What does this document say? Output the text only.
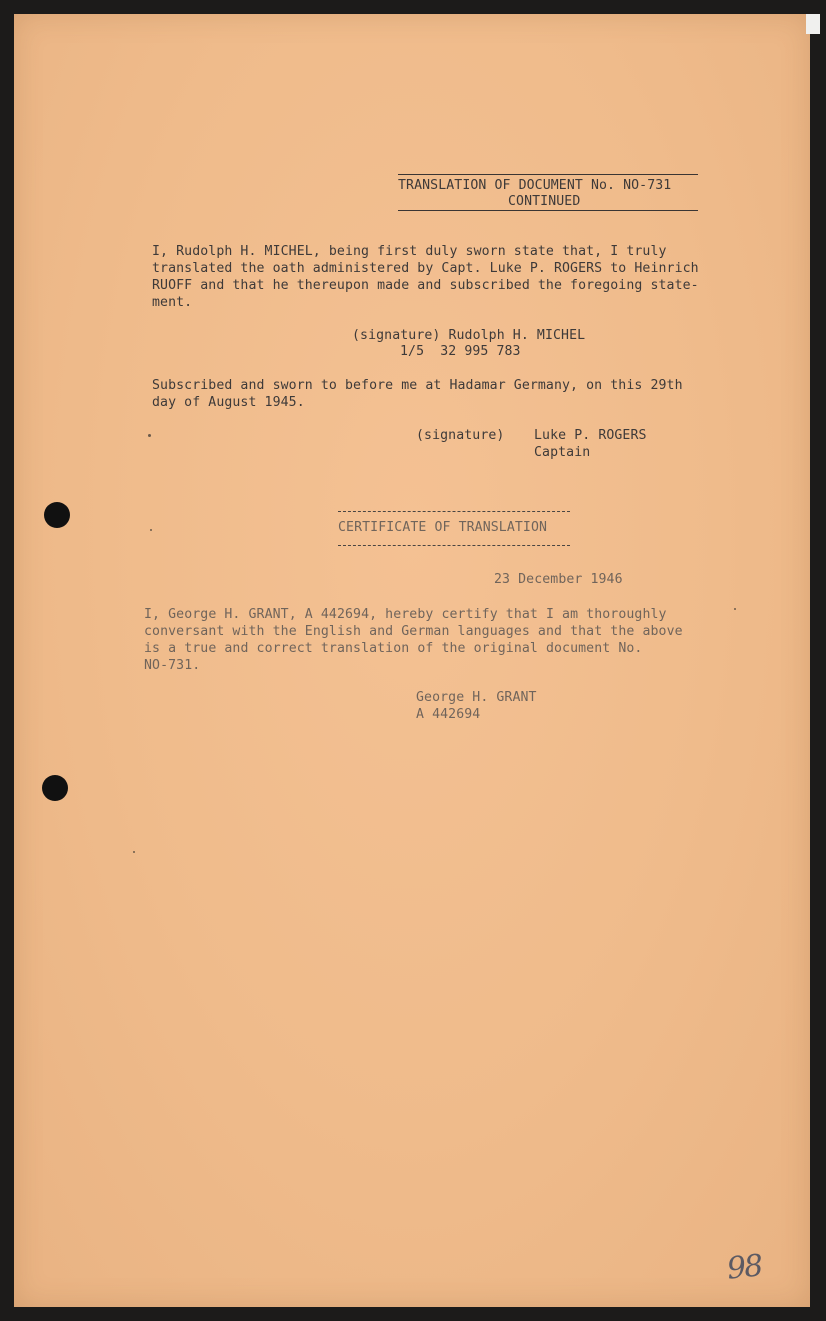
TRANSLATION OF DOCUMENT No. NO-731
CONTINUED
I, Rudolph H. MICHEL, being first duly sworn state that, I truly
translated the oath administered by Capt. Luke P. ROGERS to Heinrich
RUOFF and that he thereupon made and subscribed the foregoing state-
ment.
(signature) Rudolph H. MICHEL
1/5  32 995 783
Subscribed and sworn to before me at Hadamar Germany, on this 29th
day of August 1945.
(signature) Luke P. ROGERS
Captain
CERTIFICATE OF TRANSLATION
23 December 1946
I, George H. GRANT, A 442694, hereby certify that I am thoroughly
conversant with the English and German languages and that the above
is a true and correct translation of the original document No.
NO-731.
George H. GRANT
A 442694
98
